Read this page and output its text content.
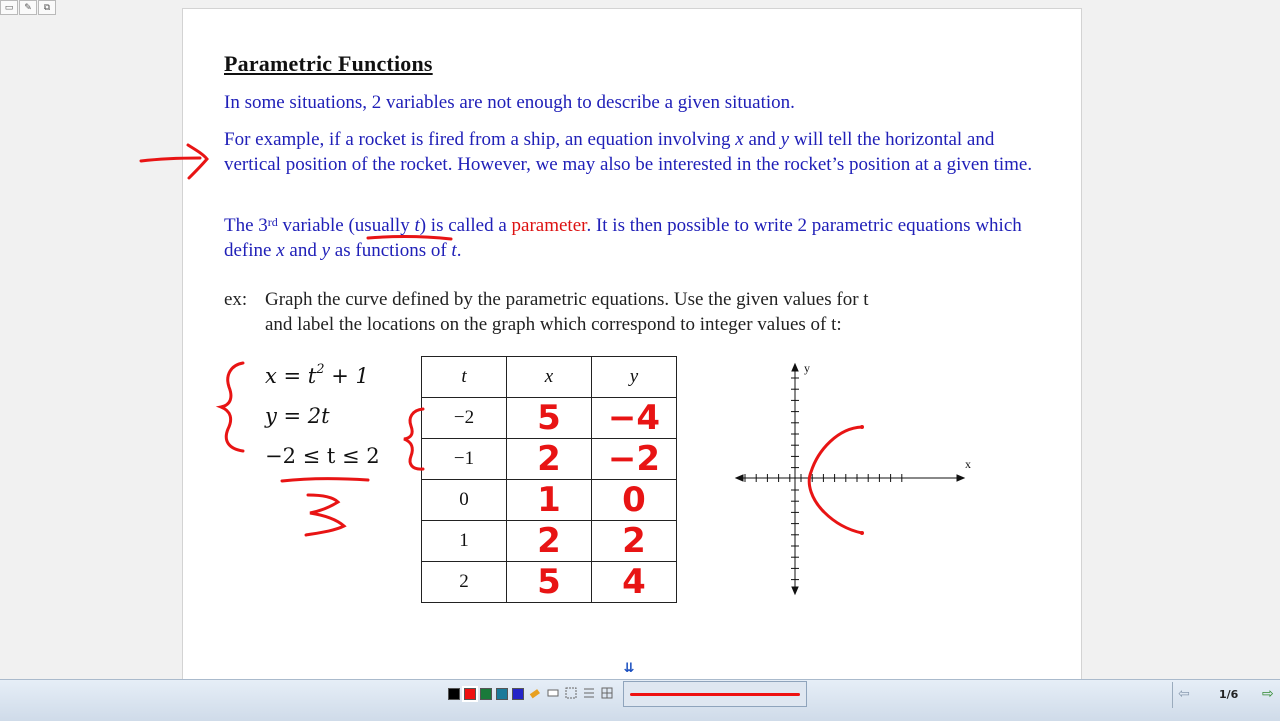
▭	✎	⧉
Parametric Functions
In some situations, 2 variables are not enough to describe a given situation.
For example, if a rocket is fired from a ship, an equation involving x and y will tell the horizontal and vertical position of the rocket. However, we may also be interested in the rocket’s position at a given time.
The 3rd variable (usually t) is called a parameter. It is then possible to write 2 parametric equations which define x and y as functions of t.
ex: Graph the curve defined by the parametric equations. Use the given values for t
and label the locations on the graph which correspond to integer values of t:
$x = t^2 + 1$
y = 2t
−2 ≤ t ≤ 2
t	x	y
−2	5	−4
−1	2	−2
0	1	0
1	2	2
2	5	4
x
y
⇊
⇦	1/6 ⇨
